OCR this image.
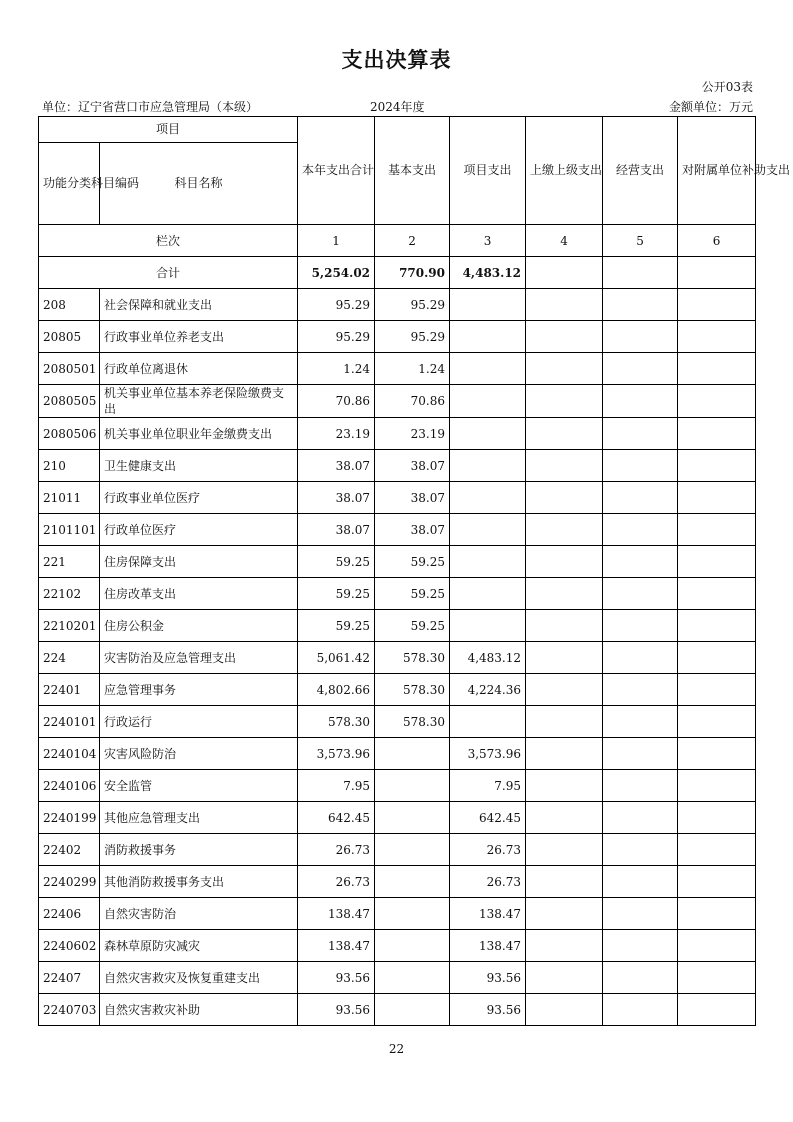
支出决算表
公开03表
单位：辽宁省营口市应急管理局（本级）	2024年度	金额单位：万元
项目		本年支出合计	基本支出	项目支出	上缴上级支出	经营支出	对附属单位补助支出
功能分类科目编码	科目名称						
栏次		1	2	3	4	5	6
合计		5,254.02	770.90	4,483.12			
208	社会保障和就业支出	95.29	95.29				
20805	行政事业单位养老支出	95.29	95.29				
2080501	行政单位离退休	1.24	1.24				
2080505	机关事业单位基本养老保险缴费支出	70.86	70.86				
2080506	机关事业单位职业年金缴费支出	23.19	23.19				
210	卫生健康支出	38.07	38.07				
21011	行政事业单位医疗	38.07	38.07				
2101101	行政单位医疗	38.07	38.07				
221	住房保障支出	59.25	59.25				
22102	住房改革支出	59.25	59.25				
2210201	住房公积金	59.25	59.25				
224	灾害防治及应急管理支出	5,061.42	578.30	4,483.12			
22401	应急管理事务	4,802.66	578.30	4,224.36			
2240101	行政运行	578.30	578.30				
2240104	灾害风险防治	3,573.96		3,573.96			
2240106	安全监管	7.95		7.95			
2240199	其他应急管理支出	642.45		642.45			
22402	消防救援事务	26.73		26.73			
2240299	其他消防救援事务支出	26.73		26.73			
22406	自然灾害防治	138.47		138.47			
2240602	森林草原防灾减灾	138.47		138.47			
22407	自然灾害救灾及恢复重建支出	93.56		93.56			
2240703	自然灾害救灾补助	93.56		93.56			
22
